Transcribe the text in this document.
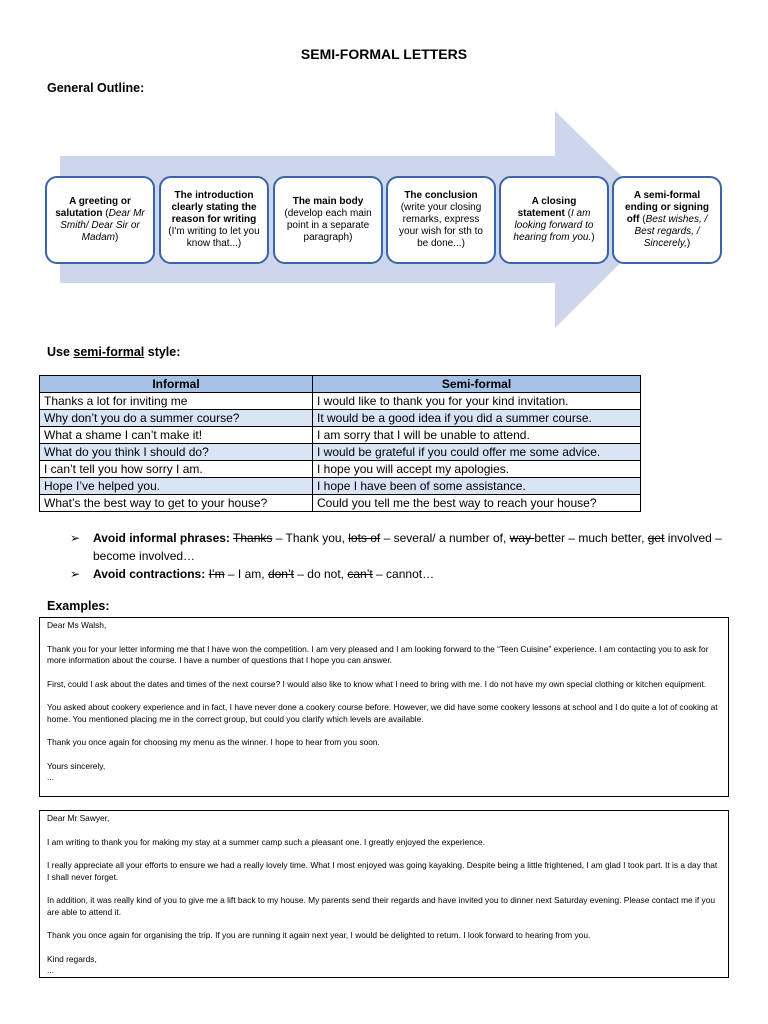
SEMI-FORMAL LETTERS
General Outline:
A greeting or salutation (Dear Mr Smith/ Dear Sir or Madam)
The introduction clearly stating the reason for writing (I'm writing to let you know that...)
The main body (develop each main point in a separate paragraph)
The conclusion (write your closing remarks, express your wish for sth to be done...)
A closing statement (I am looking forward to hearing from you.)
A semi-formal ending or signing off (Best wishes, / Best regards, / Sincerely,)
Use semi-formal style:
Informal	Semi-formal
Thanks a lot for inviting me	I would like to thank you for your kind invitation.
Why don’t you do a summer course?	It would be a good idea if you did a summer course.
What a shame I can’t make it!	I am sorry that I will be unable to attend.
What do you think I should do?	I would be grateful if you could offer me some advice.
I can’t tell you how sorry I am.	I hope you will accept my apologies.
Hope I’ve helped you.	I hope I have been of some assistance.
What’s the best way to get to your house?	Could you tell me the best way to reach your house?
➢ Avoid informal phrases: Thanks – Thank you, lots of – several/ a number of, way better – much better, get involved – become involved…
➢ Avoid contractions: I’m – I am, don’t – do not, can’t – cannot…
Examples:

Dear Ms Walsh,

Thank you for your letter informing me that I have won the competition. I am very pleased and I am looking forward to the “Teen Cuisine” experience. I am contacting you to ask for more information about the course. I have a number of questions that I hope you can answer.

First, could I ask about the dates and times of the next course? I would also like to know what I need to bring with me. I do not have my own special clothing or kitchen equipment.

You asked about cookery experience and in fact, I have never done a cookery course before. However, we did have some cookery lessons at school and I do quite a lot of cooking at home. You mentioned placing me in the correct group, but could you clarify which levels are available.

Thank you once again for choosing my menu as the winner. I hope to hear from you soon.

Yours sincerely,

...

Dear Mr Sawyer,

I am writing to thank you for making my stay at a summer camp such a pleasant one. I greatly enjoyed the experience.

I really appreciate all your efforts to ensure we had a really lovely time. What I most enjoyed was going kayaking. Despite being a little frightened, I am glad I took part. It is a day that I shall never forget.

In addition, it was really kind of you to give me a lift back to my house. My parents send their regards and have invited you to dinner next Saturday evening. Please contact me if you are able to attend it.

Thank you once again for organising the trip. If you are running it again next year, I would be delighted to return. I look forward to hearing from you.

Kind regards,

...
